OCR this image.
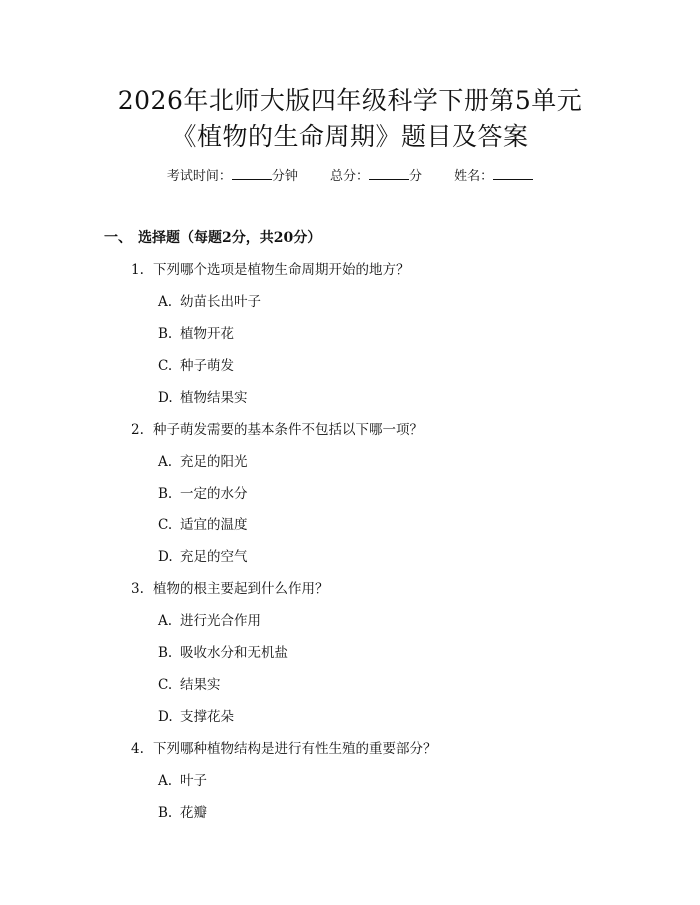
2026年北师大版四年级科学下册第5单元
《植物的生命周期》题目及答案
考试时间：	分钟 总分：	分 姓名：
一、 选择题（每题2分，共20分）
1. 下列哪个选项是植物生命周期开始的地方？
A. 幼苗长出叶子
B. 植物开花
C. 种子萌发
D. 植物结果实
2. 种子萌发需要的基本条件不包括以下哪一项？
A. 充足的阳光
B. 一定的水分
C. 适宜的温度
D. 充足的空气
3. 植物的根主要起到什么作用？
A. 进行光合作用
B. 吸收水分和无机盐
C. 结果实
D. 支撑花朵
4. 下列哪种植物结构是进行有性生殖的重要部分？
A. 叶子
B. 花瓣
